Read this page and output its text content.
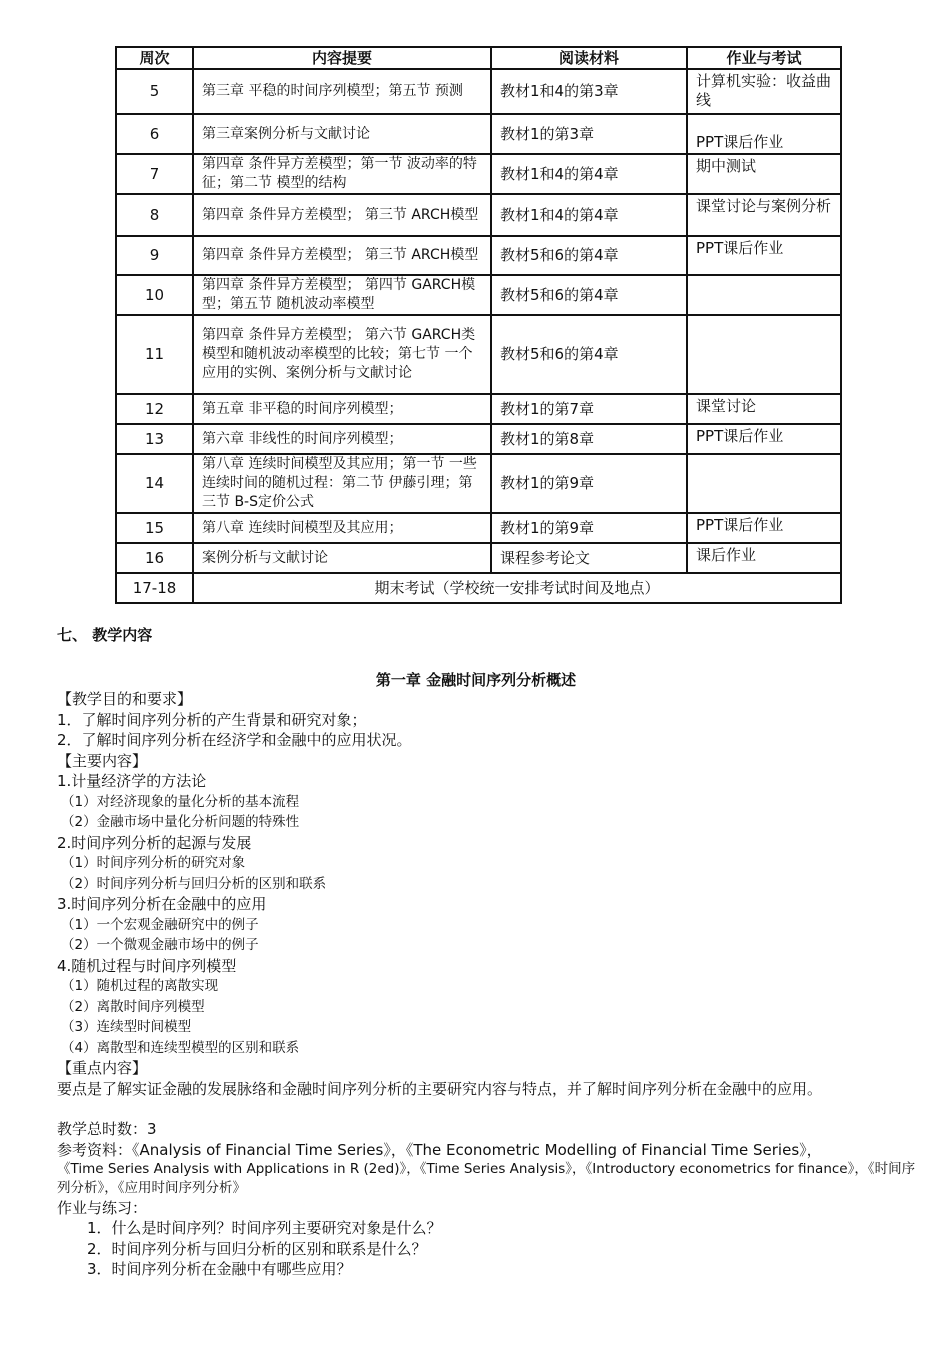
周次	内容提要	阅读材料	作业与考试
5	第三章 平稳的时间序列模型；第五节 预测	教材1和4的第3章	计算机实验：收益曲线
6	第三章案例分析与文献讨论	教材1的第3章	PPT课后作业
7	第四章 条件异方差模型；第一节 波动率的特征；第二节 模型的结构	教材1和4的第4章	期中测试
8	第四章 条件异方差模型； 第三节 ARCH模型	教材1和4的第4章	课堂讨论与案例分析
9	第四章 条件异方差模型； 第三节 ARCH模型	教材5和6的第4章	PPT课后作业
10	第四章 条件异方差模型； 第四节 GARCH模型；第五节 随机波动率模型	教材5和6的第4章	
11	第四章 条件异方差模型； 第六节 GARCH类模型和随机波动率模型的比较；第七节 一个应用的实例、案例分析与文献讨论	教材5和6的第4章	
12	第五章 非平稳的时间序列模型；	教材1的第7章	课堂讨论
13	第六章 非线性的时间序列模型；	教材1的第8章	PPT课后作业
14	第八章 连续时间模型及其应用；第一节 一些连续时间的随机过程：第二节 伊藤引理；第三节 B-S定价公式	教材1的第9章	
15	第八章 连续时间模型及其应用；	教材1的第9章	PPT课后作业
16	案例分析与文献讨论	课程参考论文	课后作业
17-18	期末考试（学校统一安排考试时间及地点）		
七、 教学内容
第一章 金融时间序列分析概述

【教学目的和要求】

1．了解时间序列分析的产生背景和研究对象；

2．了解时间序列分析在经济学和金融中的应用状况。

【主要内容】

1.计量经济学的方法论

（1）对经济现象的量化分析的基本流程

（2）金融市场中量化分析问题的特殊性

2.时间序列分析的起源与发展

（1）时间序列分析的研究对象

（2）时间序列分析与回归分析的区别和联系

3.时间序列分析在金融中的应用

（1）一个宏观金融研究中的例子

（2）一个微观金融市场中的例子

4.随机过程与时间序列模型

（1）随机过程的离散实现

（2）离散时间序列模型

（3）连续型时间模型

（4）离散型和连续型模型的区别和联系

【重点内容】

要点是了解实证金融的发展脉络和金融时间序列分析的主要研究内容与特点，并了解时间序列分析在金融中的应用。

教学总时数：3

参考资料：《Analysis of Financial Time Series》，《The Econometric Modelling of Financial Time Series》，

《Time Series Analysis with Applications in R (2ed)》，《Time Series Analysis》，《Introductory econometrics for finance》，《时间序列分析》，《应用时间序列分析》

作业与练习：

1．什么是时间序列？时间序列主要研究对象是什么？

2．时间序列分析与回归分析的区别和联系是什么？

3．时间序列分析在金融中有哪些应用？
